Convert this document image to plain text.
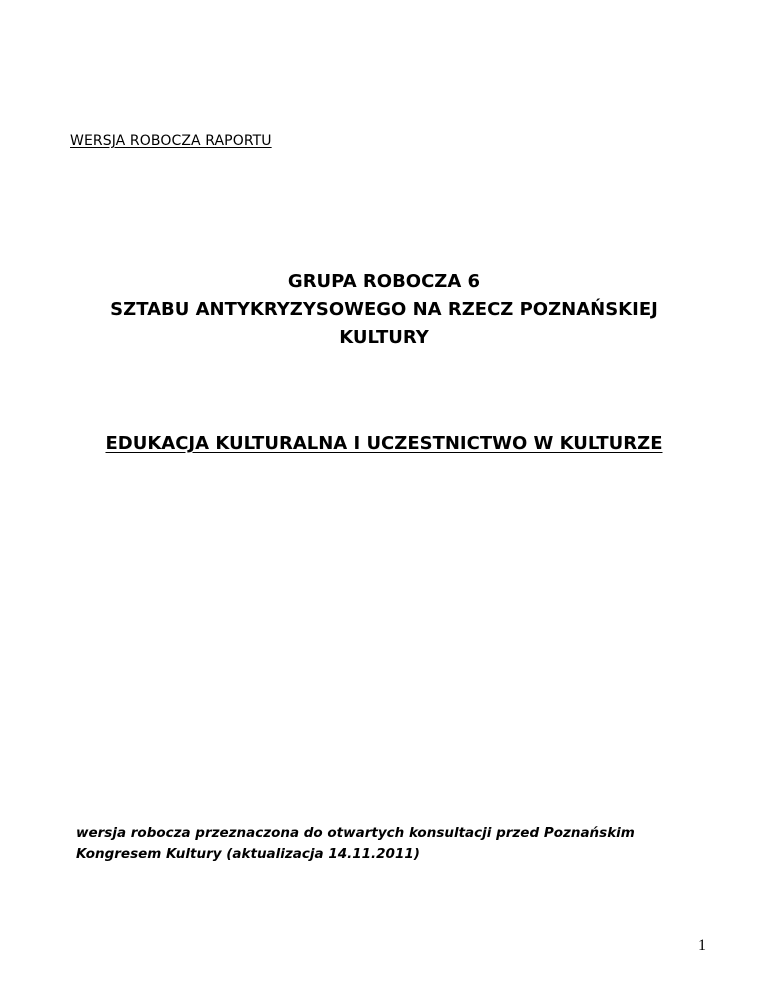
WERSJA ROBOCZA RAPORTU
GRUPA ROBOCZA 6
SZTABU ANTYKRYZYSOWEGO NA RZECZ POZNAŃSKIEJ
KULTURY
EDUKACJA KULTURALNA I UCZESTNICTWO W KULTURZE
wersja robocza przeznaczona do otwartych konsultacji przed Poznańskim
Kongresem Kultury (aktualizacja 14.11.2011)
1
